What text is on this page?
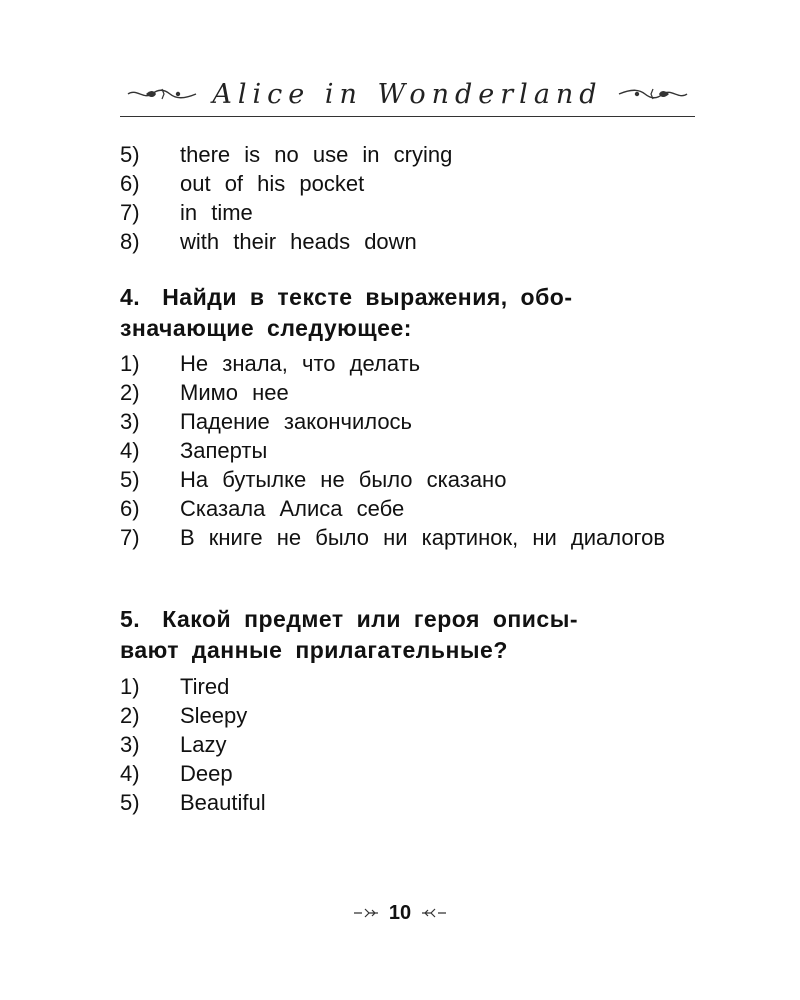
Alice in Wonderland
5)	there is no use in crying
6)	out of his pocket
7)	in time
8)	with their heads down
4. Найди в тексте выражения, обо-
значающие следующее:
1)	Не знала, что делать
2)	Мимо нее
3)	Падение закончилось
4)	Заперты
5)	На бутылке не было сказано
6)	Сказала Алиса себе
7)	В книге не было ни картинок, ни диалогов
5. Какой предмет или героя описы-
вают данные прилагательные?
1)	Tired
2)	Sleepy
3)	Lazy
4)	Deep
5)	Beautiful
10
